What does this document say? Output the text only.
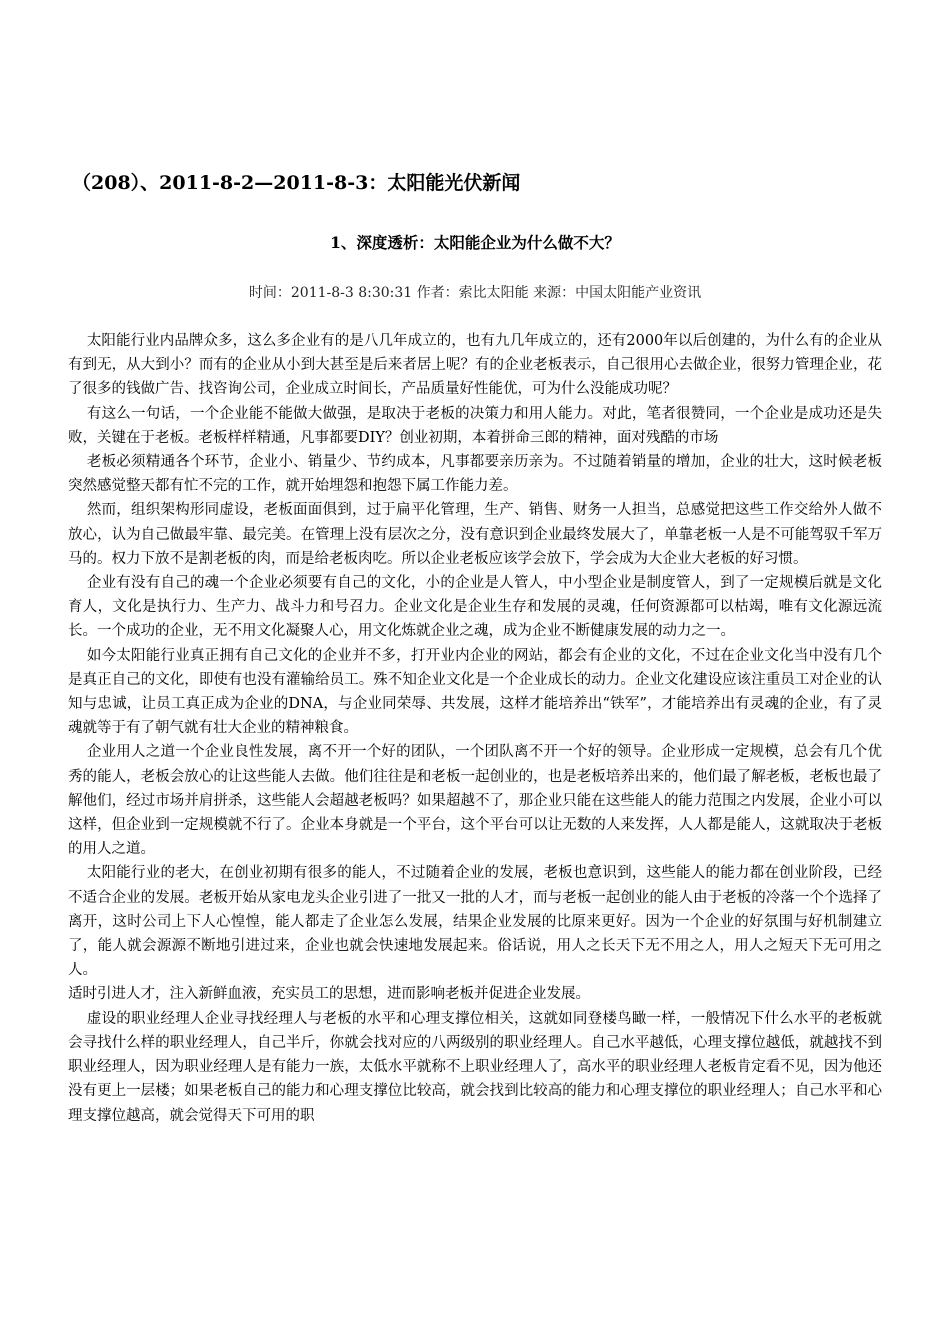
（208）、2011-8-2—2011-8-3：太阳能光伏新闻
1、深度透析：太阳能企业为什么做不大？

时间：2011-8-3 8:30:31 作者：索比太阳能 来源：中国太阳能产业资讯

太阳能行业内品牌众多，这么多企业有的是八几年成立的，也有九几年成立的，还有2000年以后创建的，为什么有的企业从有到无，从大到小？而有的企业从小到大甚至是后来者居上呢？有的企业老板表示，自己很用心去做企业，很努力管理企业，花了很多的钱做广告、找咨询公司，企业成立时间长，产品质量好性能优，可为什么没能成功呢？

有这么一句话，一个企业能不能做大做强，是取决于老板的决策力和用人能力。对此，笔者很赞同，一个企业是成功还是失败，关键在于老板。老板样样精通，凡事都要DIY？创业初期，本着拼命三郎的精神，面对残酷的市场

老板必须精通各个环节，企业小、销量少、节约成本，凡事都要亲历亲为。不过随着销量的增加，企业的壮大，这时候老板突然感觉整天都有忙不完的工作，就开始埋怨和抱怨下属工作能力差。

然而，组织架构形同虚设，老板面面俱到，过于扁平化管理，生产、销售、财务一人担当，总感觉把这些工作交给外人做不放心，认为自己做最牢靠、最完美。在管理上没有层次之分，没有意识到企业最终发展大了，单靠老板一人是不可能驾驭千军万马的。权力下放不是割老板的肉，而是给老板肉吃。所以企业老板应该学会放下，学会成为大企业大老板的好习惯。

企业有没有自己的魂一个企业必须要有自己的文化，小的企业是人管人，中小型企业是制度管人，到了一定规模后就是文化育人，文化是执行力、生产力、战斗力和号召力。企业文化是企业生存和发展的灵魂，任何资源都可以枯竭，唯有文化源远流长。一个成功的企业，无不用文化凝聚人心，用文化炼就企业之魂，成为企业不断健康发展的动力之一。

如今太阳能行业真正拥有自己文化的企业并不多，打开业内企业的网站，都会有企业的文化，不过在企业文化当中没有几个是真正自己的文化，即使有也没有灌输给员工。殊不知企业文化是一个企业成长的动力。企业文化建设应该注重员工对企业的认知与忠诚，让员工真正成为企业的DNA，与企业同荣辱、共发展，这样才能培养出“铁军”，才能培养出有灵魂的企业，有了灵魂就等于有了朝气就有壮大企业的精神粮食。

企业用人之道一个企业良性发展，离不开一个好的团队，一个团队离不开一个好的领导。企业形成一定规模，总会有几个优秀的能人，老板会放心的让这些能人去做。他们往往是和老板一起创业的，也是老板培养出来的，他们最了解老板，老板也最了解他们，经过市场并肩拼杀，这些能人会超越老板吗？如果超越不了，那企业只能在这些能人的能力范围之内发展，企业小可以这样，但企业到一定规模就不行了。企业本身就是一个平台，这个平台可以让无数的人来发挥，人人都是能人，这就取决于老板的用人之道。

太阳能行业的老大，在创业初期有很多的能人，不过随着企业的发展，老板也意识到，这些能人的能力都在创业阶段，已经不适合企业的发展。老板开始从家电龙头企业引进了一批又一批的人才，而与老板一起创业的能人由于老板的冷落一个个选择了离开，这时公司上下人心惶惶，能人都走了企业怎么发展，结果企业发展的比原来更好。因为一个企业的好氛围与好机制建立了，能人就会源源不断地引进过来，企业也就会快速地发展起来。俗话说，用人之长天下无不用之人，用人之短天下无可用之人。

适时引进人才，注入新鲜血液，充实员工的思想，进而影响老板并促进企业发展。

虚设的职业经理人企业寻找经理人与老板的水平和心理支撑位相关，这就如同登楼鸟瞰一样，一般情况下什么水平的老板就会寻找什么样的职业经理人，自己半斤，你就会找对应的八两级别的职业经理人。自己水平越低，心理支撑位越低，就越找不到职业经理人，因为职业经理人是有能力一族，太低水平就称不上职业经理人了，高水平的职业经理人老板肯定看不见，因为他还没有更上一层楼；如果老板自己的能力和心理支撑位比较高，就会找到比较高的能力和心理支撑位的职业经理人；自己水平和心理支撑位越高，就会觉得天下可用的职
